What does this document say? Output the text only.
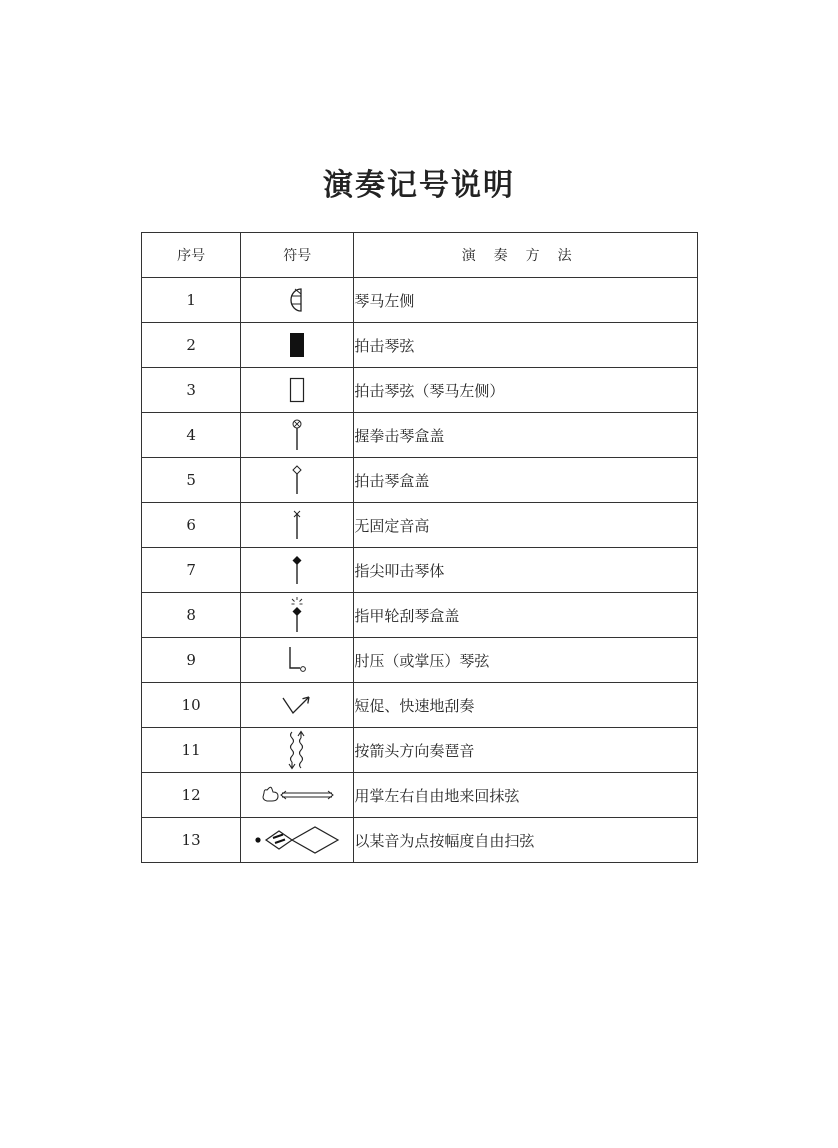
演奏记号说明
序号	符号	演奏方法
1		琴马左侧
2		拍击琴弦
3		拍击琴弦（琴马左侧）
4		握拳击琴盒盖
5		拍击琴盒盖
6		无固定音高
7		指尖叩击琴体
8		指甲轮刮琴盒盖
9		肘压（或掌压）琴弦
10		短促、快速地刮奏
11		按箭头方向奏琶音
12		用掌左右自由地来回抹弦
13		以某音为点按幅度自由扫弦
